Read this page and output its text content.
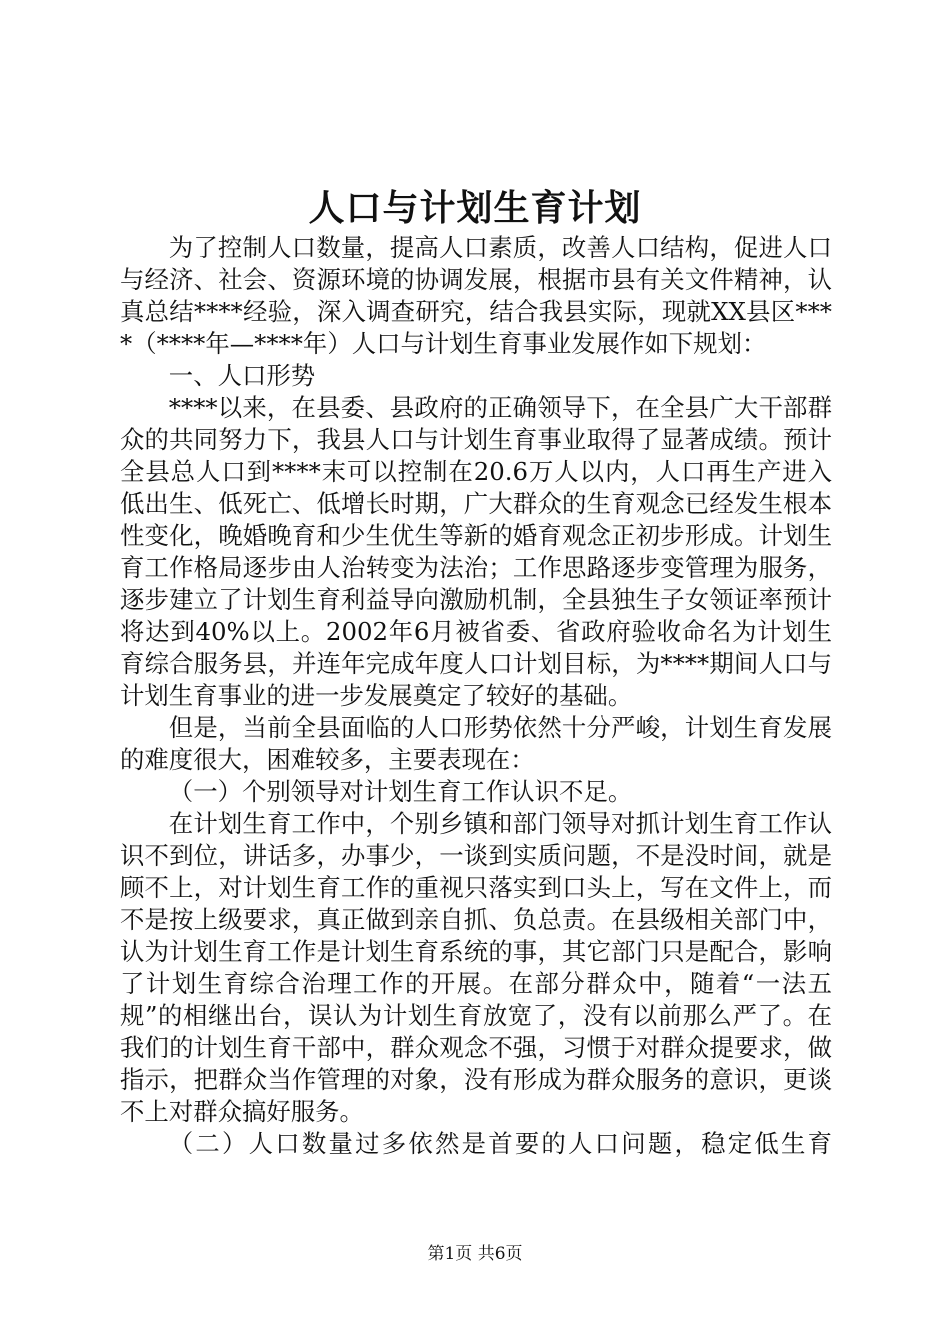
人口与计划生育计划

为了控制人口数量，提高人口素质，改善人口结构，促进人口与经济、社会、资源环境的协调发展，根据市县有关文件精神，认真总结****经验，深入调查研究，结合我县实际，现就XX县区****（****年—****年）人口与计划生育事业发展作如下规划：

一、人口形势

****以来，在县委、县政府的正确领导下，在全县广大干部群众的共同努力下，我县人口与计划生育事业取得了显著成绩。预计全县总人口到****末可以控制在20.6万人以内，人口再生产进入低出生、低死亡、低增长时期，广大群众的生育观念已经发生根本性变化，晚婚晚育和少生优生等新的婚育观念正初步形成。计划生育工作格局逐步由人治转变为法治；工作思路逐步变管理为服务，逐步建立了计划生育利益导向激励机制，全县独生子女领证率预计将达到40%以上。2002年6月被省委、省政府验收命名为计划生育综合服务县，并连年完成年度人口计划目标，为****期间人口与计划生育事业的进一步发展奠定了较好的基础。

但是，当前全县面临的人口形势依然十分严峻，计划生育发展的难度很大，困难较多，主要表现在：

（一）个别领导对计划生育工作认识不足。

在计划生育工作中，个别乡镇和部门领导对抓计划生育工作认识不到位，讲话多，办事少，一谈到实质问题，不是没时间，就是顾不上，对计划生育工作的重视只落实到口头上，写在文件上，而不是按上级要求，真正做到亲自抓、负总责。在县级相关部门中，认为计划生育工作是计划生育系统的事，其它部门只是配合，影响了计划生育综合治理工作的开展。在部分群众中，随着“一法五规”的相继出台，误认为计划生育放宽了，没有以前那么严了。在我们的计划生育干部中，群众观念不强，习惯于对群众提要求，做指示，把群众当作管理的对象，没有形成为群众服务的意识，更谈不上对群众搞好服务。

（二）人口数量过多依然是首要的人口问题，稳定低生育

第1页 共6页
